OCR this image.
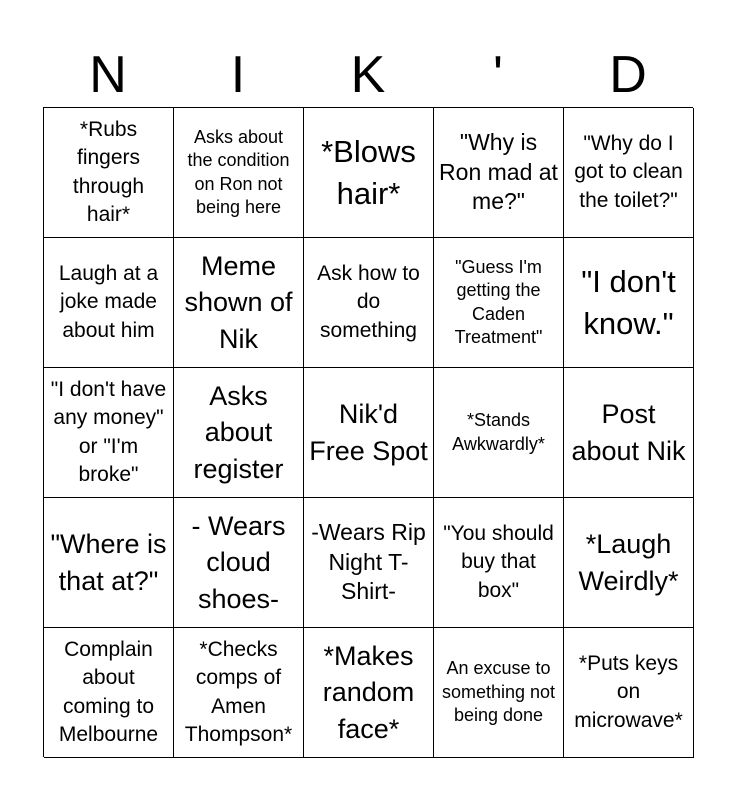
N	I	K	'	D
*Rubs fingers through hair*
Asks about the condition on Ron not being here
*Blows hair*
"Why is Ron mad at me?"
"Why do I got to clean the toilet?"
Laugh at a joke made about him
Meme shown of Nik
Ask how to do something
"Guess I'm getting the Caden Treatment"
"I don't know."
"I don't have any money" or "I'm broke"
Asks about register
Nik'd Free Spot
*Stands Awkwardly*
Post about Nik
"Where is that at?"
- Wears cloud shoes-
-Wears Rip Night T-Shirt-
"You should buy that box"
*Laugh Weirdly*
Complain about coming to Melbourne
*Checks comps of Amen Thompson*
*Makes random face*
An excuse to something not being done
*Puts keys on microwave*
